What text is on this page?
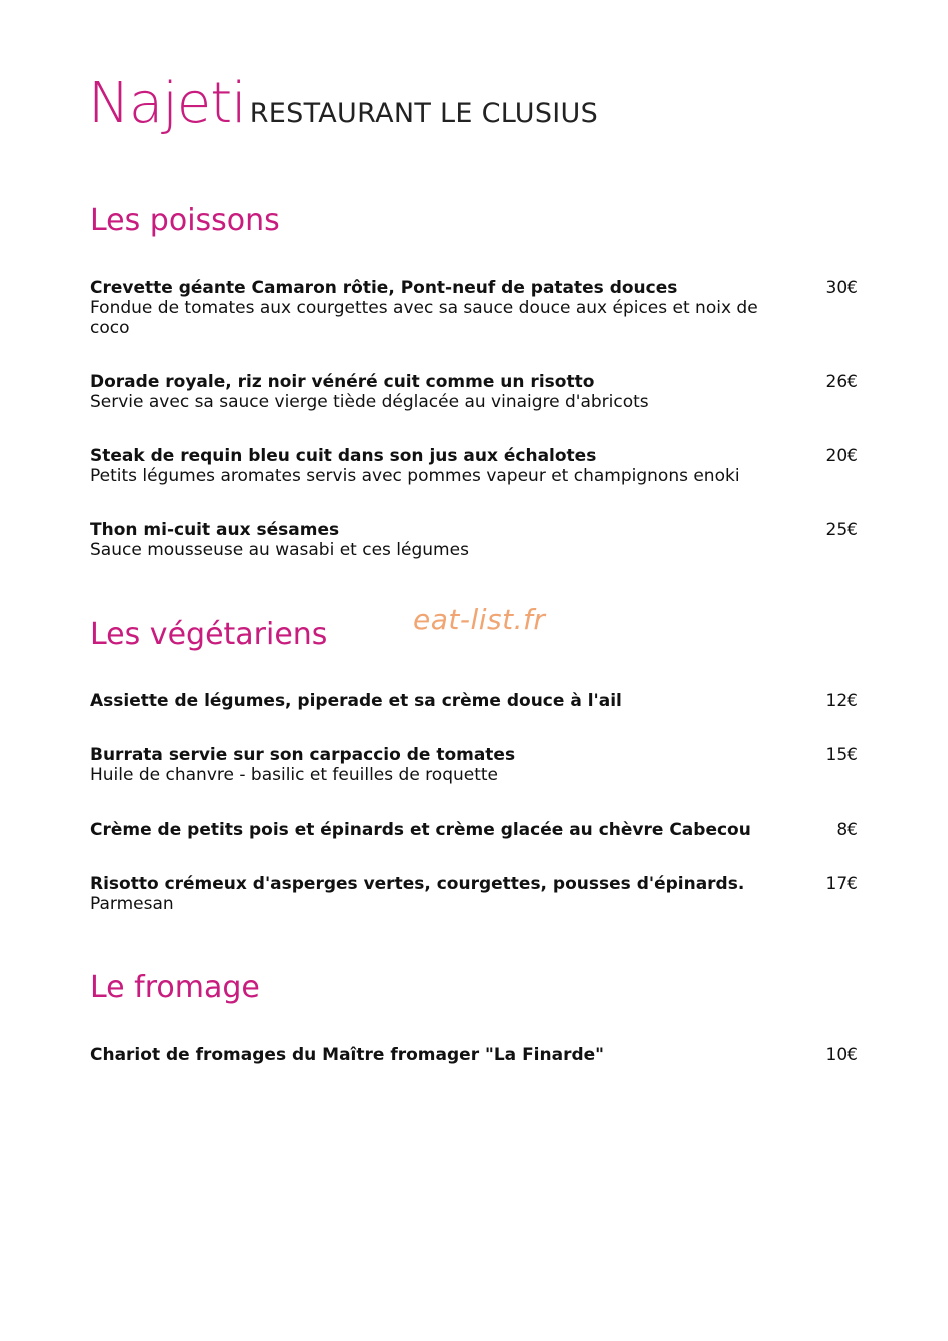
Najeti RESTAURANT LE CLUSIUS
Les poissons
Crevette géante Camaron rôtie, Pont-neuf de patates douces	30€
Fondue de tomates aux courgettes avec sa sauce douce aux épices et noix de coco
Dorade royale, riz noir vénéré cuit comme un risotto	26€
Servie avec sa sauce vierge tiède déglacée au vinaigre d'abricots
Steak de requin bleu cuit dans son jus aux échalotes	20€
Petits légumes aromates servis avec pommes vapeur et champignons enoki
Thon mi-cuit aux sésames	25€
Sauce mousseuse au wasabi et ces légumes
eat-list.fr
Les végétariens
Assiette de légumes, piperade et sa crème douce à l'ail	12€
Burrata servie sur son carpaccio de tomates	15€
Huile de chanvre - basilic et feuilles de roquette
Crème de petits pois et épinards et crème glacée au chèvre Cabecou	8€
Risotto crémeux d'asperges vertes, courgettes, pousses d'épinards.	17€
Parmesan
Le fromage
Chariot de fromages du Maître fromager "La Finarde"	10€
